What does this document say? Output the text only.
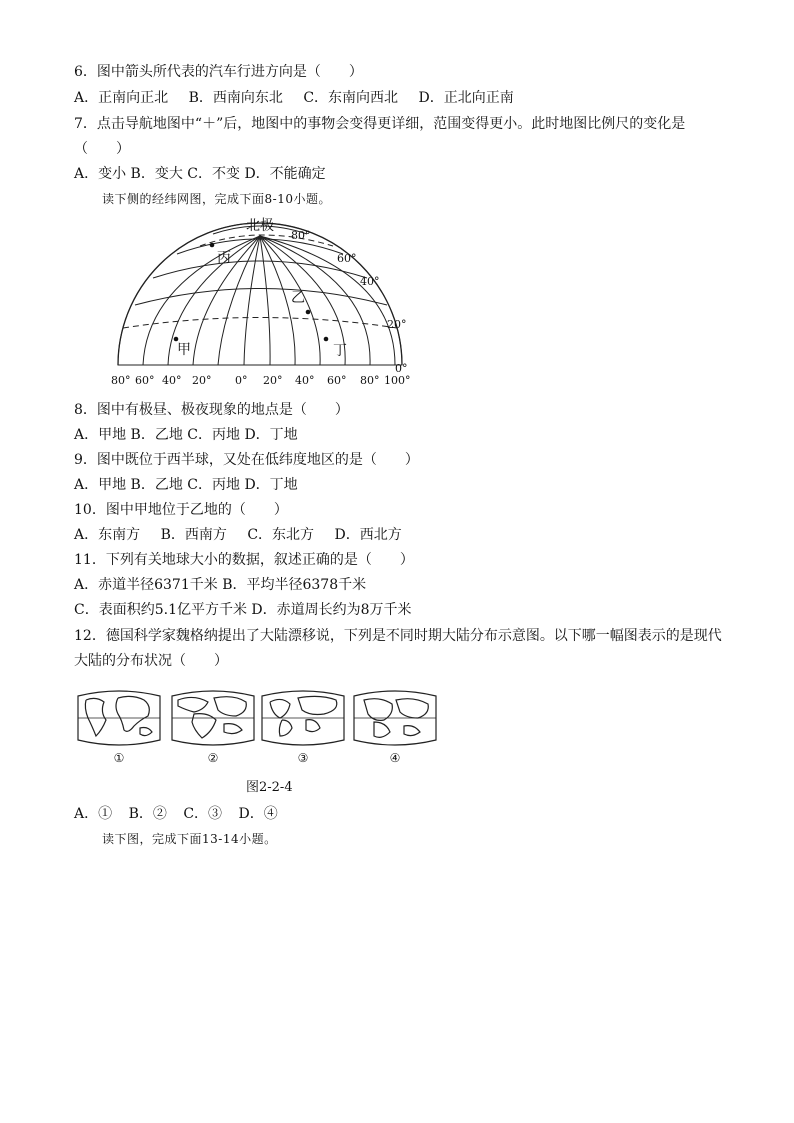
6．图中箭头所代表的汽车行进方向是（　　）
A．正南向正北 B．西南向东北 C．东南向西北 D．正北向正南
7．点击导航地图中“＋”后，地图中的事物会变得更详细，范围变得更小。此时地图比例尺的变化是
（　　）
A．变小 B．变大 C．不变 D．不能确定
读下侧的经纬网图，完成下面8-10小题。
北极
丙
乙
甲	丁
80°
60°
40°
20°
0°
80° 60° 40° 20° 0° 20° 40° 60° 80° 100°
8．图中有极昼、极夜现象的地点是（　　）
A．甲地 B．乙地 C．丙地 D．丁地
9．图中既位于西半球，又处在低纬度地区的是（　　）
A．甲地 B．乙地 C．丙地 D．丁地
10．图中甲地位于乙地的（　　）
A．东南方 B．西南方 C．东北方 D．西北方
11．下列有关地球大小的数据，叙述正确的是（　　）
A．赤道半径6371千米 B．平均半径6378千米
C．表面积约5.1亿平方千米 D．赤道周长约为8万千米
12．德国科学家魏格纳提出了大陆漂移说，下列是不同时期大陆分布示意图。以下哪一幅图表示的是现代
大陆的分布状况（　　）
①	②	③	④
图2-2-4
A．① B．② C．③ D．④
读下图，完成下面13-14小题。
